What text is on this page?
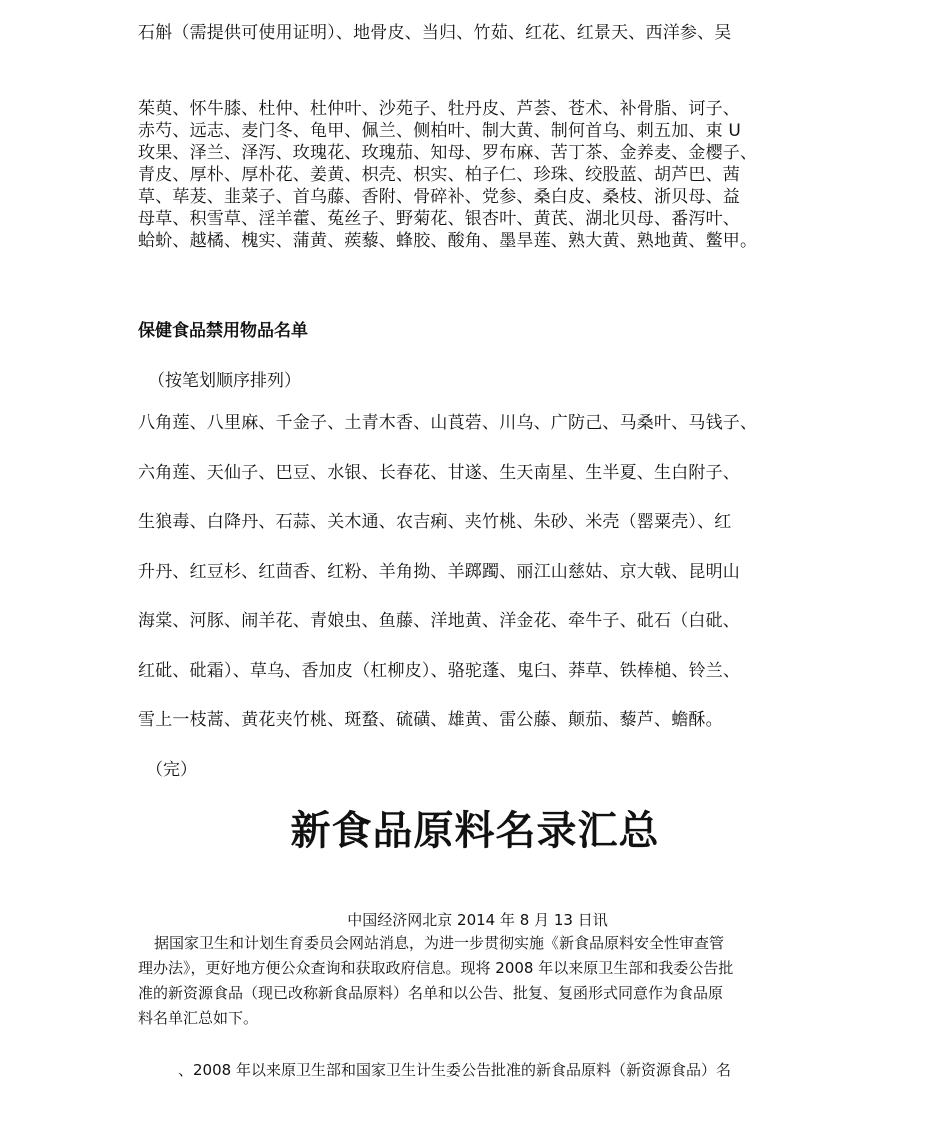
石斛（需提供可使用证明）、地骨皮、当归、竹茹、红花、红景天、西洋参、吴

茱萸、怀牛膝、杜仲、杜仲叶、沙苑子、牡丹皮、芦荟、苍术、补骨脂、诃子、
赤芍、远志、麦门冬、龟甲、佩兰、侧柏叶、制大黄、制何首乌、刺五加、束 U
玫果、泽兰、泽泻、玫瑰花、玫瑰茄、知母、罗布麻、苦丁茶、金养麦、金樱子、
青皮、厚朴、厚朴花、姜黄、枳壳、枳实、柏子仁、珍珠、绞股蓝、胡芦巴、茜
草、荜茇、韭菜子、首乌藤、香附、骨碎补、党参、桑白皮、桑枝、浙贝母、益
母草、积雪草、淫羊藿、菟丝子、野菊花、银杏叶、黄芪、湖北贝母、番泻叶、
蛤蚧、越橘、槐实、蒲黄、蒺藜、蜂胶、酸角、墨旱莲、熟大黄、熟地黄、鳖甲。

保健食品禁用物品名单

（按笔划顺序排列）

八角莲、八里麻、千金子、土青木香、山莨菪、川乌、广防己、马桑叶、马钱子、
六角莲、天仙子、巴豆、水银、长春花、甘遂、生天南星、生半夏、生白附子、
生狼毒、白降丹、石蒜、关木通、农吉痢、夹竹桃、朱砂、米壳（罂粟壳）、红
升丹、红豆杉、红茴香、红粉、羊角拗、羊踯躅、丽江山慈姑、京大戟、昆明山
海棠、河豚、闹羊花、青娘虫、鱼藤、洋地黄、洋金花、牵牛子、砒石（白砒、
红砒、砒霜）、草乌、香加皮（杠柳皮）、骆驼蓬、鬼臼、莽草、铁棒槌、铃兰、
雪上一枝蒿、黄花夹竹桃、斑蝥、硫磺、雄黄、雷公藤、颠茄、藜芦、蟾酥。

（完）

新食品原料名录汇总

中国经济网北京 2014 年 8 月 13 日讯

据国家卫生和计划生育委员会网站消息，为进一步贯彻实施《新食品原料安全性审查管
理办法》，更好地方便公众查询和获取政府信息。现将 2008 年以来原卫生部和我委公告批
准的新资源食品（现已改称新食品原料）名单和以公告、批复、复函形式同意作为食品原
料名单汇总如下。

、2008 年以来原卫生部和国家卫生计生委公告批准的新食品原料（新资源食品）名
